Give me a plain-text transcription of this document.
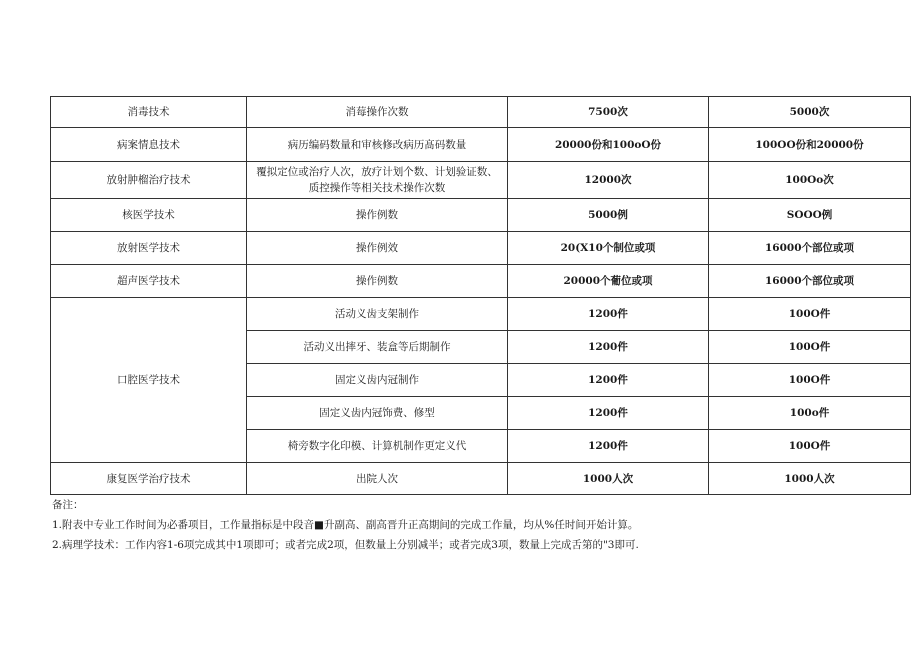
消毒技术	消莓操作次数	7500次	5000次
病案情息技术	病历编码数量和审核修改病历髙码数量	20000份和100oO份	100OO份和20000份
放射肿榴治疗技术	覆拟定位或治疗人次，放疗计划个数、计划验证数、质控操作等相关技术操作次数	12000次	100Oo次
核医学技术	操作例数	5000例	SOOO例
放射医学技术	操作例效	20(X10个制位或项	16000个部位或项
超声医学技术	操作例数	20000个葡位或项	16000个部位或项
口腔医学技术	活动义齿支架制作	1200件	100O件
	活动义出摔牙、装盒等后期制作	1200件	100O件
	固定义齿内冠制作	1200件	100O件
	固定义齿内冠饰费、修型	1200件	100o件
	椅旁数字化印模、计算机制作更定义代	1200件	100O件
康复医学治疗技术	出院人次	1000人次	1000人次
备注：
1.附表中专业工作时间为必番项目，工作量指标是中段音■升副高、副高晋升正高期间的完成工作量，均从%任时间开始计算。
2.病理学技术：工作内容1-6项完成其中1项即可；或者完成2项，但数量上分别减半；或者完成3项，数量上完成舌第的"3即可.
